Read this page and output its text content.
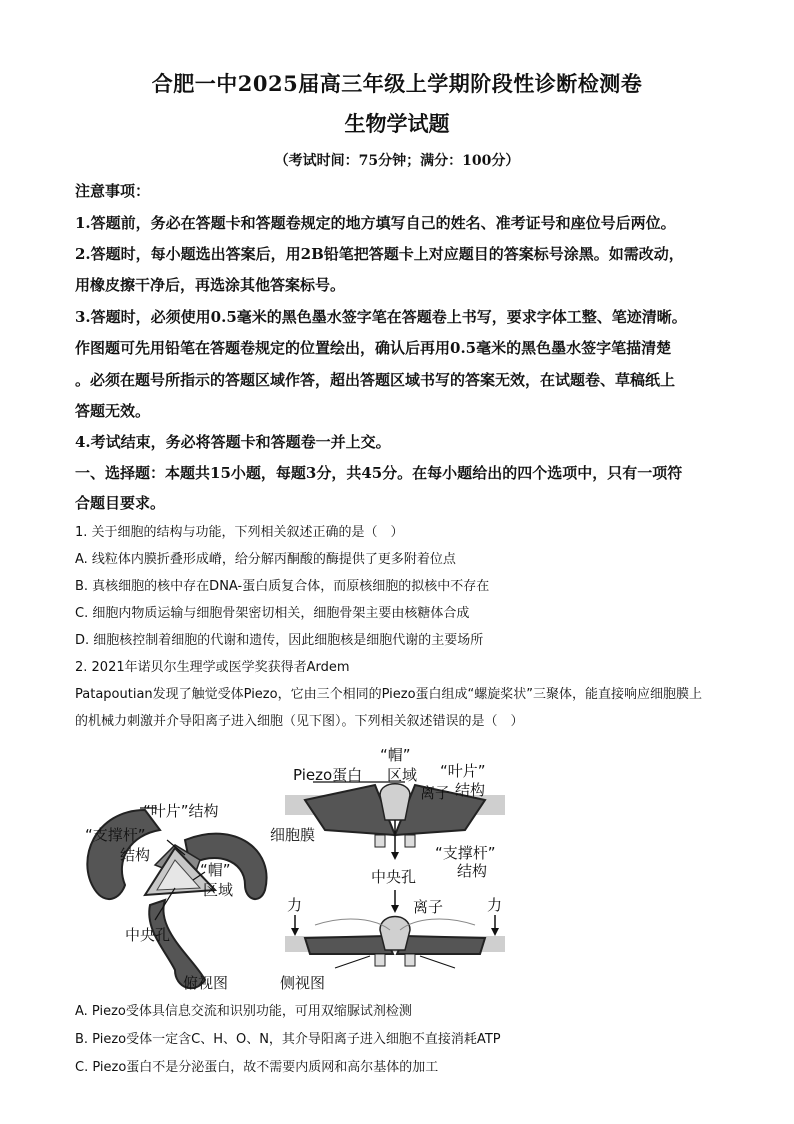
合肥一中2025届高三年级上学期阶段性诊断检测卷
生物学试题
（考试时间：75分钟；满分：100分）
注意事项：
1.答题前，务必在答题卡和答题卷规定的地方填写自己的姓名、准考证号和座位号后两位。
2.答题时，每小题选出答案后，用2B铅笔把答题卡上对应题目的答案标号涂黑。如需改动，
用橡皮擦干净后，再选涂其他答案标号。
3.答题时，必须使用0.5毫米的黑色墨水签字笔在答题卷上书写，要求字体工整、笔迹清晰。
作图题可先用铅笔在答题卷规定的位置绘出，确认后再用0.5毫米的黑色墨水签字笔描清楚
。必须在题号所指示的答题区域作答，超出答题区域书写的答案无效，在试题卷、草稿纸上
答题无效。
4.考试结束，务必将答题卡和答题卷一并上交。
一、选择题：本题共15小题，每题3分，共45分。在每小题给出的四个选项中，只有一项符
合题目要求。
1. 关于细胞的结构与功能，下列相关叙述正确的是（　）
A. 线粒体内膜折叠形成嵴，给分解丙酮酸的酶提供了更多附着位点
B. 真核细胞的核中存在DNA-蛋白质复合体，而原核细胞的拟核中不存在
C. 细胞内物质运输与细胞骨架密切相关，细胞骨架主要由核糖体合成
D. 细胞核控制着细胞的代谢和遗传，因此细胞核是细胞代谢的主要场所
2. 2021年诺贝尔生理学或医学奖获得者Ardem
Patapoutian发现了触觉受体Piezo，它由三个相同的Piezo蛋白组成“螺旋桨状”三聚体，能直接响应细胞膜上
的机械力刺激并介导阳离子进入细胞（见下图）。下列相关叙述错误的是（　）
“叶片”结构
“支撑杆”
结构
“帽”
区域
中央孔
俯视图
Piezo蛋白
“帽”
区域 “叶片”
结构
离子
细胞膜
“支撑杆”
结构
中央孔
力	力
离子
侧视图
A. Piezo受体具信息交流和识别功能，可用双缩脲试剂检测
B. Piezo受体一定含C、H、O、N，其介导阳离子进入细胞不直接消耗ATP
C. Piezo蛋白不是分泌蛋白，故不需要内质网和高尔基体的加工
